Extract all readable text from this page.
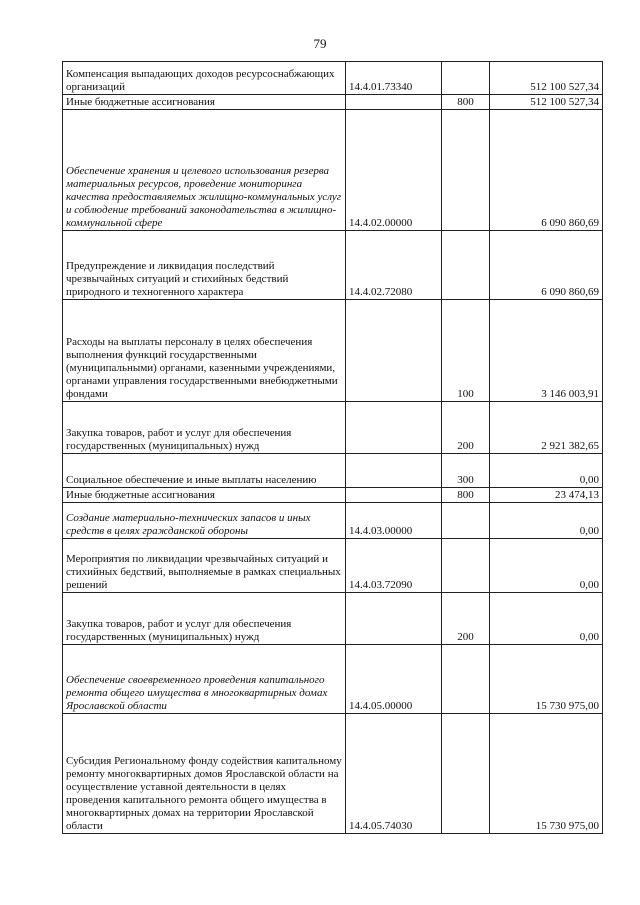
79
Компенсация выпадающих доходов ресурсоснабжающих организаций	14.4.01.73340		512 100 527,34
Иные бюджетные ассигнования		800	512 100 527,34
Обеспечение хранения и целевого использования резерва материальных ресурсов, проведение мониторинга качества предоставляемых жилищно-коммунальных услуг и соблюдение требований законодательства в жилищно-коммунальной сфере	14.4.02.00000		6 090 860,69
Предупреждение и ликвидация последствий чрезвычайных ситуаций и стихийных бедствий природного и техногенного характера	14.4.02.72080		6 090 860,69
Расходы на выплаты персоналу в целях обеспечения выполнения функций государственными (муниципальными) органами, казенными учреждениями, органами управления государственными внебюджетными фондами		100	3 146 003,91
Закупка товаров, работ и услуг для обеспечения государственных (муниципальных) нужд		200	2 921 382,65
Социальное обеспечение и иные выплаты населению		300	0,00
Иные бюджетные ассигнования		800	23 474,13
Создание материально-технических запасов и иных средств в целях гражданской обороны	14.4.03.00000		0,00
Мероприятия по ликвидации чрезвычайных ситуаций и стихийных бедствий, выполняемые в рамках специальных решений	14.4.03.72090		0,00
Закупка товаров, работ и услуг для обеспечения государственных (муниципальных) нужд		200	0,00
Обеспечение своевременного проведения капитального ремонта общего имущества в многоквартирных домах Ярославской области	14.4.05.00000		15 730 975,00
Субсидия Региональному фонду содействия капитальному ремонту многоквартирных домов Ярославской области на осуществление уставной деятельности в целях проведения капитального ремонта общего имущества в многоквартирных домах на территории Ярославской области	14.4.05.74030		15 730 975,00
